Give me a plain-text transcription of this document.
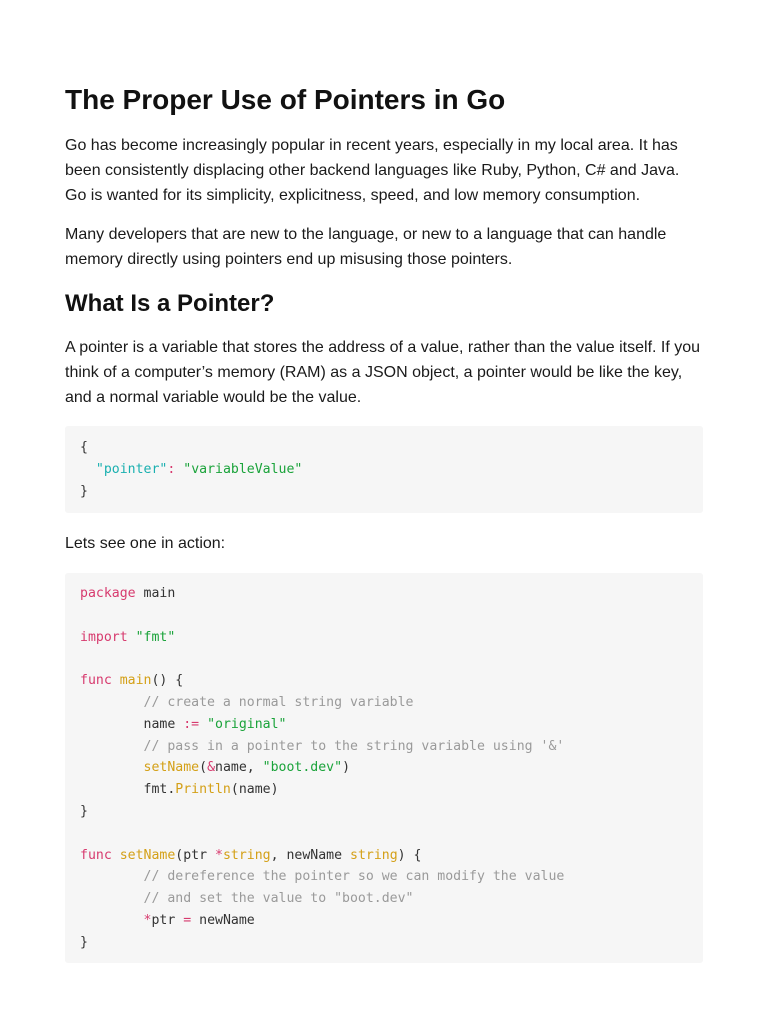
The Proper Use of Pointers in Go

Go has become increasingly popular in recent years, especially in my local area. It has been consistently displacing other backend languages like Ruby, Python, C# and Java. Go is wanted for its simplicity, explicitness, speed, and low memory consumption.

Many developers that are new to the language, or new to a language that can handle memory directly using pointers end up misusing those pointers.

What Is a Pointer?

A pointer is a variable that stores the address of a value, rather than the value itself. If you think of a computer’s memory (RAM) as a JSON object, a pointer would be like the key, and a normal variable would be the value.

{
"pointer": "variableValue"
}

Lets see one in action:

package main
import "fmt"
func main() {
// create a normal string variable
name := "original"
// pass in a pointer to the string variable using '&'
setName(&name, "boot.dev")
fmt.Println(name)
}
func setName(ptr *string, newName string) {
// dereference the pointer so we can modify the value
// and set the value to "boot.dev"
*ptr = newName
}
